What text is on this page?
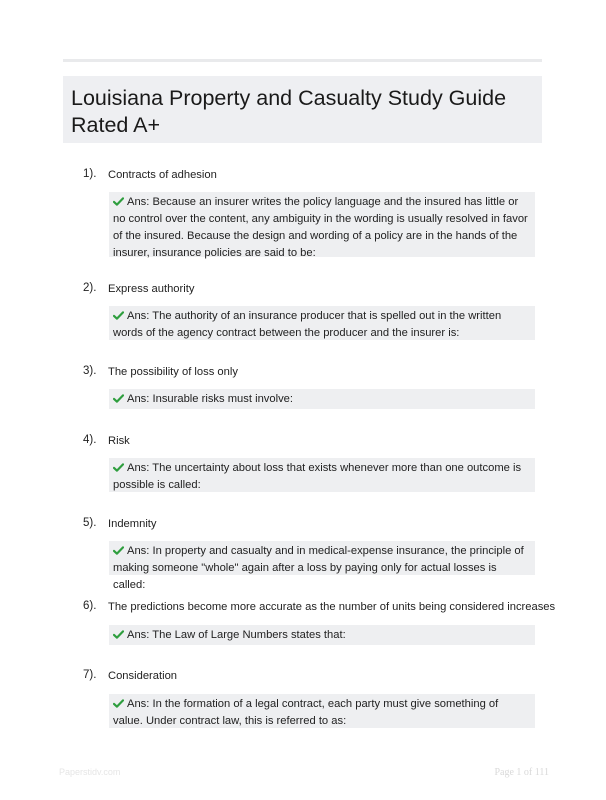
Louisiana Property and Casualty Study Guide Rated A+
1). Contracts of adhesion
Ans: Because an insurer writes the policy language and the insured has little or no control over the content, any ambiguity in the wording is usually resolved in favor of the insured. Because the design and wording of a policy are in the hands of the insurer, insurance policies are said to be:
2). Express authority
Ans: The authority of an insurance producer that is spelled out in the written words of the agency contract between the producer and the insurer is:
3). The possibility of loss only
Ans: Insurable risks must involve:
4). Risk
Ans: The uncertainty about loss that exists whenever more than one outcome is possible is called:
5). Indemnity
Ans: In property and casualty and in medical-expense insurance, the principle of making someone "whole" again after a loss by paying only for actual losses is called:
6). The predictions become more accurate as the number of units being considered increases
Ans: The Law of Large Numbers states that:
7). Consideration
Ans: In the formation of a legal contract, each party must give something of value. Under contract law, this is referred to as:
Paperstidv.com	Page 1 of 111
